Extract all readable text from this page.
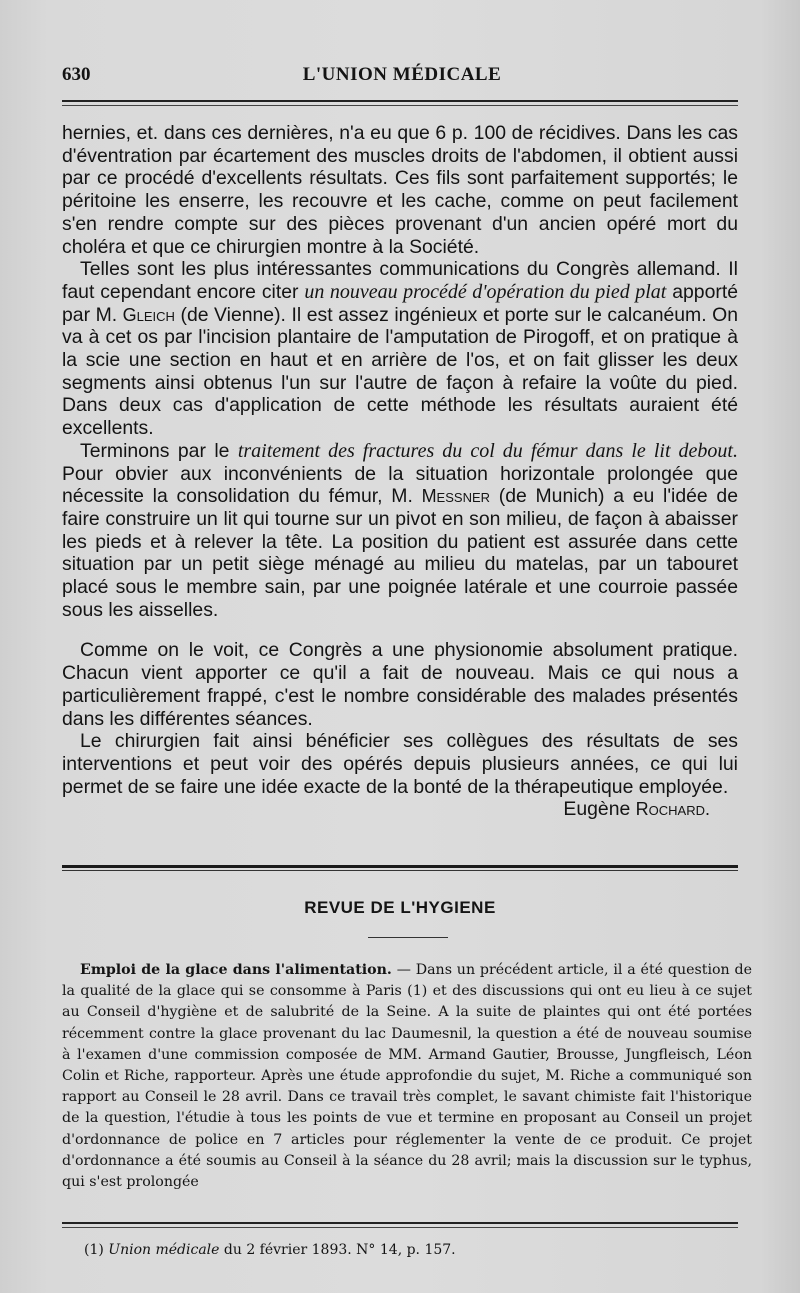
630	L'UNION MÉDICALE

hernies, et. dans ces dernières, n'a eu que 6 p. 100 de récidives. Dans les cas d'éventration par écartement des muscles droits de l'abdomen, il obtient aussi par ce procédé d'excellents résultats. Ces fils sont parfaitement supportés; le péritoine les enserre, les recouvre et les cache, comme on peut facilement s'en rendre compte sur des pièces provenant d'un ancien opéré mort du choléra et que ce chirurgien montre à la Société.

Telles sont les plus intéressantes communications du Congrès allemand. Il faut cependant encore citer un nouveau procédé d'opération du pied plat apporté par M. Gleich (de Vienne). Il est assez ingénieux et porte sur le calcanéum. On va à cet os par l'incision plantaire de l'amputation de Pirogoff, et on pratique à la scie une section en haut et en arrière de l'os, et on fait glisser les deux segments ainsi obtenus l'un sur l'autre de façon à refaire la voûte du pied. Dans deux cas d'application de cette méthode les résultats auraient été excellents.

Terminons par le traitement des fractures du col du fémur dans le lit debout. Pour obvier aux inconvénients de la situation horizontale prolongée que nécessite la consolidation du fémur, M. Messner (de Munich) a eu l'idée de faire construire un lit qui tourne sur un pivot en son milieu, de façon à abaisser les pieds et à relever la tête. La position du patient est assurée dans cette situation par un petit siège ménagé au milieu du matelas, par un tabouret placé sous le membre sain, par une poignée latérale et une courroie passée sous les aisselles.

Comme on le voit, ce Congrès a une physionomie absolument pratique. Chacun vient apporter ce qu'il a fait de nouveau. Mais ce qui nous a particulièrement frappé, c'est le nombre considérable des malades présentés dans les différentes séances.

Le chirurgien fait ainsi bénéficier ses collègues des résultats de ses interventions et peut voir des opérés depuis plusieurs années, ce qui lui permet de se faire une idée exacte de la bonté de la thérapeutique employée.

Eugène Rochard.

REVUE DE L'HYGIENE

Emploi de la glace dans l'alimentation. — Dans un précédent article, il a été question de la qualité de la glace qui se consomme à Paris (1) et des discussions qui ont eu lieu à ce sujet au Conseil d'hygiène et de salubrité de la Seine. A la suite de plaintes qui ont été portées récemment contre la glace provenant du lac Daumesnil, la question a été de nouveau soumise à l'examen d'une commission composée de MM. Armand Gautier, Brousse, Jungfleisch, Léon Colin et Riche, rapporteur. Après une étude approfondie du sujet, M. Riche a communiqué son rapport au Conseil le 28 avril. Dans ce travail très complet, le savant chimiste fait l'historique de la question, l'étudie à tous les points de vue et termine en proposant au Conseil un projet d'ordonnance de police en 7 articles pour réglementer la vente de ce produit. Ce projet d'ordonnance a été soumis au Conseil à la séance du 28 avril; mais la discussion sur le typhus, qui s'est prolongée

(1) Union médicale du 2 février 1893. N° 14, p. 157.
